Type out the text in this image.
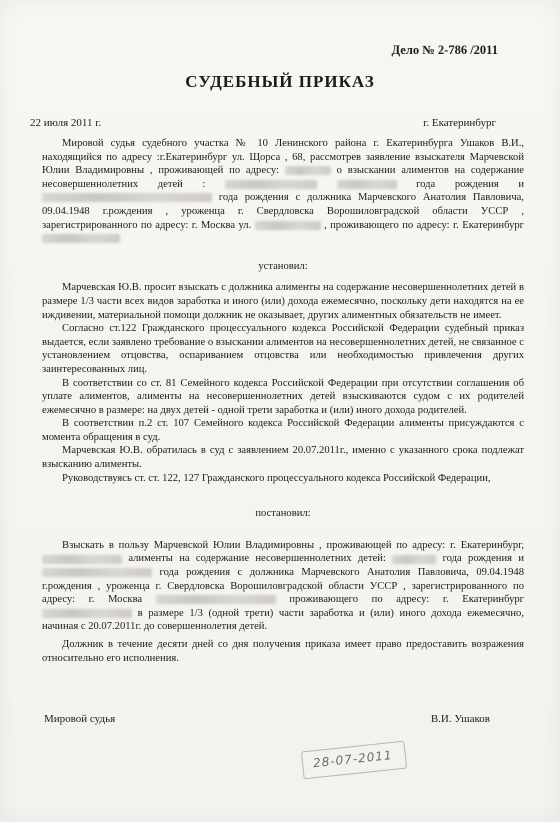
Дело № 2-786 /2011
СУДЕБНЫЙ ПРИКАЗ
22 июля 2011 г.	г. Екатеринбург

Мировой судья судебного участка № 10 Ленинского района г. Екатеринбурга Ушаков В.И., находящийся по адресу :г.Екатеринбург ул. Щорса , 68, рассмотрев заявление взыскателя Марчевской Юлии Владимировны , проживающей по адресу:	о взыскании алиментов на содержание несовершеннолетних детей :	года рождения и  года рождения с должника Марчевского Анатолия Павловича, 09.04.1948 г.рождения , уроженца г. Свердловска Ворошиловградской области УССР , зарегистрированного по адресу: г. Москва ул.	, проживающего по адресу: г. Екатеринбург

установил:

Марчевская Ю.В. просит взыскать с должника алименты на содержание несовершеннолетних детей в размере 1/3 части всех видов заработка и иного (или) дохода ежемесячно, поскольку дети находятся на ее иждивении, материальной помощи должник не оказывает, других алиментных обязательств не имеет.

Согласно ст.122 Гражданского процессуального кодекса Российской Федерации судебный приказ выдается, если заявлено требование о взыскании алиментов на несовершеннолетних детей, не связанное с установлением отцовства, оспариванием отцовства или необходимостью привлечения других заинтересованных лиц.

В соответствии со ст. 81 Семейного кодекса Российской Федерации при отсутствии соглашения об уплате алиментов, алименты на несовершеннолетних детей взыскиваются судом с их родителей ежемесячно в размере: на двух детей - одной трети заработка и (или) иного дохода родителей.

В соответствии п.2 ст. 107 Семейного кодекса Российской Федерации алименты присуждаются с момента обращения в суд.

Марчевская Ю.В. обратилась в суд с заявлением 20.07.2011г., именно с указанного срока подлежат взысканию алименты.

Руководствуясь ст. ст. 122, 127 Гражданского процессуального кодекса Российской Федерации,

постановил:

Взыскать в пользу Марчевской Юлии Владимировны , проживающей по адресу: г. Екатеринбург,  алименты на содержание несовершеннолетних детей:	года рождения и  года рождения с должника Марчевского Анатолия Павловича, 09.04.1948 г.рождения , уроженца г. Свердловска Ворошиловградской области УССР , зарегистрированного по адресу: г. Москва	проживающего по адресу: г. Екатеринбург  в размере 1/3 (одной трети) части заработка и (или) иного дохода ежемесячно, начиная с 20.07.2011г. до совершеннолетия детей.

Должник в течение десяти дней со дня получения приказа имеет право предоставить возражения относительно его исполнения.

Мировой судья	В.И. Ушаков
28-07-2011
